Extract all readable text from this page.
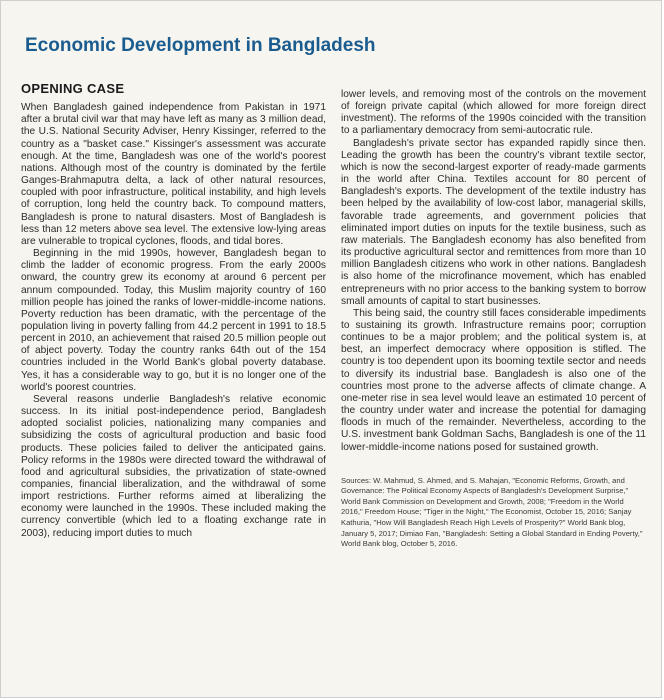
Economic Development in Bangladesh
OPENING CASE

When Bangladesh gained independence from Pakistan in 1971 after a brutal civil war that may have left as many as 3 million dead, the U.S. National Security Adviser, Henry Kissinger, referred to the country as a "basket case." Kissinger's assessment was accurate enough. At the time, Bangladesh was one of the world's poorest nations. Although most of the country is dominated by the fertile Ganges-Brahmaputra delta, a lack of other natural resources, coupled with poor infrastructure, political instability, and high levels of corruption, long held the country back. To compound matters, Bangladesh is prone to natural disasters. Most of Bangladesh is less than 12 meters above sea level. The extensive low-lying areas are vulnerable to tropical cyclones, floods, and tidal bores.

Beginning in the mid 1990s, however, Bangladesh began to climb the ladder of economic progress. From the early 2000s onward, the country grew its economy at around 6 percent per annum compounded. Today, this Muslim majority country of 160 million people has joined the ranks of lower-middle-income nations. Poverty reduction has been dramatic, with the percentage of the population living in poverty falling from 44.2 percent in 1991 to 18.5 percent in 2010, an achievement that raised 20.5 million people out of abject poverty. Today the country ranks 64th out of the 154 countries included in the World Bank's global poverty database. Yes, it has a considerable way to go, but it is no longer one of the world's poorest countries.

Several reasons underlie Bangladesh's relative economic success. In its initial post-independence period, Bangladesh adopted socialist policies, nationalizing many companies and subsidizing the costs of agricultural production and basic food products. These policies failed to deliver the anticipated gains. Policy reforms in the 1980s were directed toward the withdrawal of food and agricultural subsidies, the privatization of state-owned companies, financial liberalization, and the withdrawal of some import restrictions. Further reforms aimed at liberalizing the economy were launched in the 1990s. These included making the currency convertible (which led to a floating exchange rate in 2003), reducing import duties to much

lower levels, and removing most of the controls on the movement of foreign private capital (which allowed for more foreign direct investment). The reforms of the 1990s coincided with the transition to a parliamentary democracy from semi-autocratic rule.

Bangladesh's private sector has expanded rapidly since then. Leading the growth has been the country's vibrant textile sector, which is now the second-largest exporter of ready-made garments in the world after China. Textiles account for 80 percent of Bangladesh's exports. The development of the textile industry has been helped by the availability of low-cost labor, managerial skills, favorable trade agreements, and government policies that eliminated import duties on inputs for the textile business, such as raw materials. The Bangladesh economy has also benefited from its productive agricultural sector and remittences from more than 10 million Bangladesh citizens who work in other nations. Bangladesh is also home of the microfinance movement, which has enabled entrepreneurs with no prior access to the banking system to borrow small amounts of capital to start businesses.

This being said, the country still faces considerable impediments to sustaining its growth. Infrastructure remains poor; corruption continues to be a major problem; and the political system is, at best, an imperfect democracy where opposition is stifled. The country is too dependent upon its booming textile sector and needs to diversify its industrial base. Bangladesh is also one of the countries most prone to the adverse affects of climate change. A one-meter rise in sea level would leave an estimated 10 percent of the country under water and increase the potential for damaging floods in much of the remainder. Nevertheless, according to the U.S. investment bank Goldman Sachs, Bangladesh is one of the 11 lower-middle-income nations posed for sustained growth.

Sources: W. Mahmud, S. Ahmed, and S. Mahajan, "Economic Reforms, Growth, and Governance: The Political Economy Aspects of Bangladesh's Development Surprise," World Bank Commission on Development and Growth, 2008; "Freedom in the World 2016," Freedom House; "Tiger in the Night," The Economist, October 15, 2016; Sanjay Kathuria, "How Will Bangladesh Reach High Levels of Prosperity?" World Bank blog, January 5, 2017; Dimiao Fan, "Bangladesh: Setting a Global Standard in Ending Poverty," World Bank blog, October 5, 2016.
